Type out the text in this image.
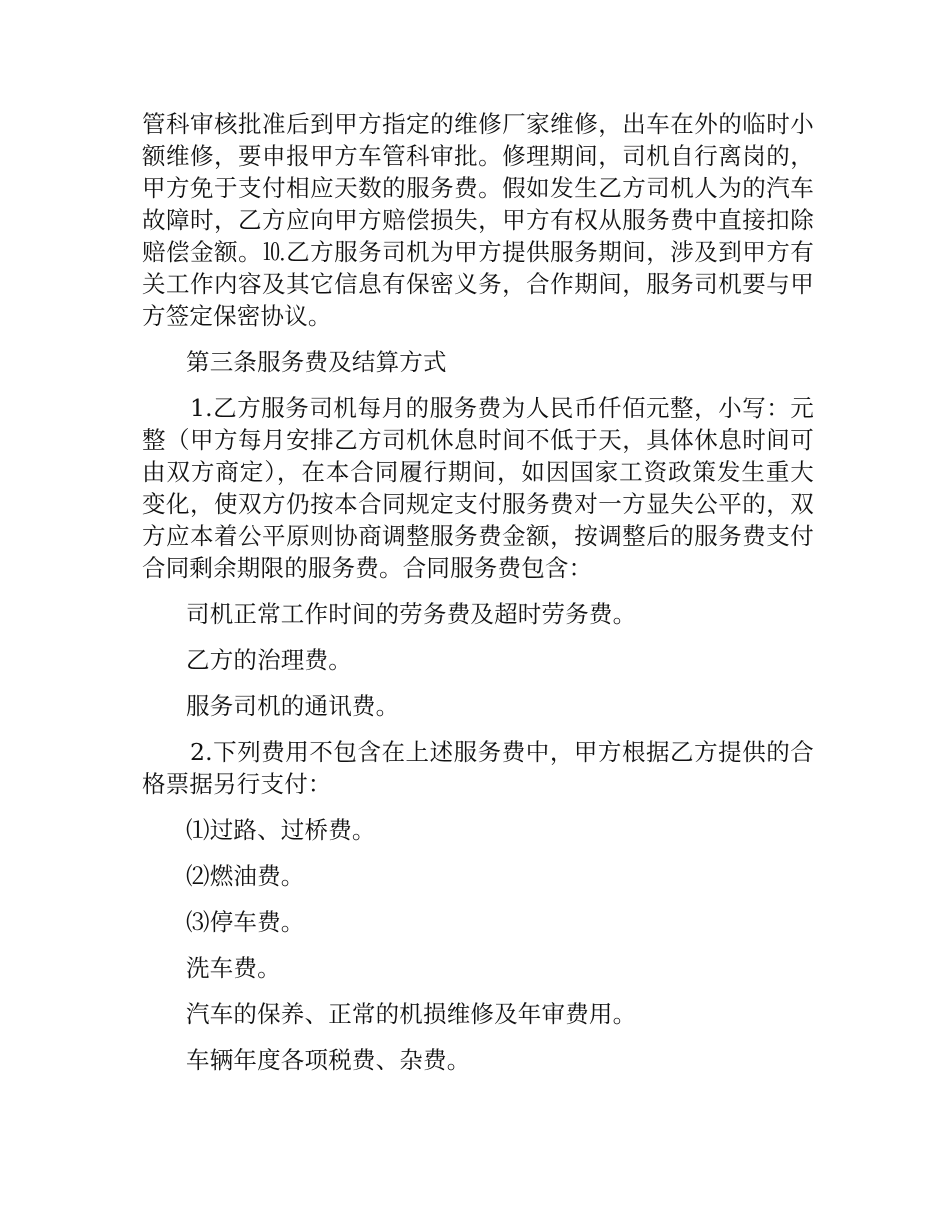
管科审核批准后到甲方指定的维修厂家维修，出车在外的临时小额维修，要申报甲方车管科审批。修理期间，司机自行离岗的，甲方免于支付相应天数的服务费。假如发生乙方司机人为的汽车故障时，乙方应向甲方赔偿损失，甲方有权从服务费中直接扣除赔偿金额。⒑乙方服务司机为甲方提供服务期间，涉及到甲方有关工作内容及其它信息有保密义务，合作期间，服务司机要与甲方签定保密协议。

第三条服务费及结算方式

1.乙方服务司机每月的服务费为人民币仟佰元整，小写：元整（甲方每月安排乙方司机休息时间不低于天，具体休息时间可由双方商定），在本合同履行期间，如因国家工资政策发生重大变化，使双方仍按本合同规定支付服务费对一方显失公平的，双方应本着公平原则协商调整服务费金额，按调整后的服务费支付合同剩余期限的服务费。合同服务费包含：

司机正常工作时间的劳务费及超时劳务费。

乙方的治理费。

服务司机的通讯费。

2.下列费用不包含在上述服务费中，甲方根据乙方提供的合格票据另行支付：

⑴过路、过桥费。

⑵燃油费。

⑶停车费。

洗车费。

汽车的保养、正常的机损维修及年审费用。

车辆年度各项税费、杂费。
